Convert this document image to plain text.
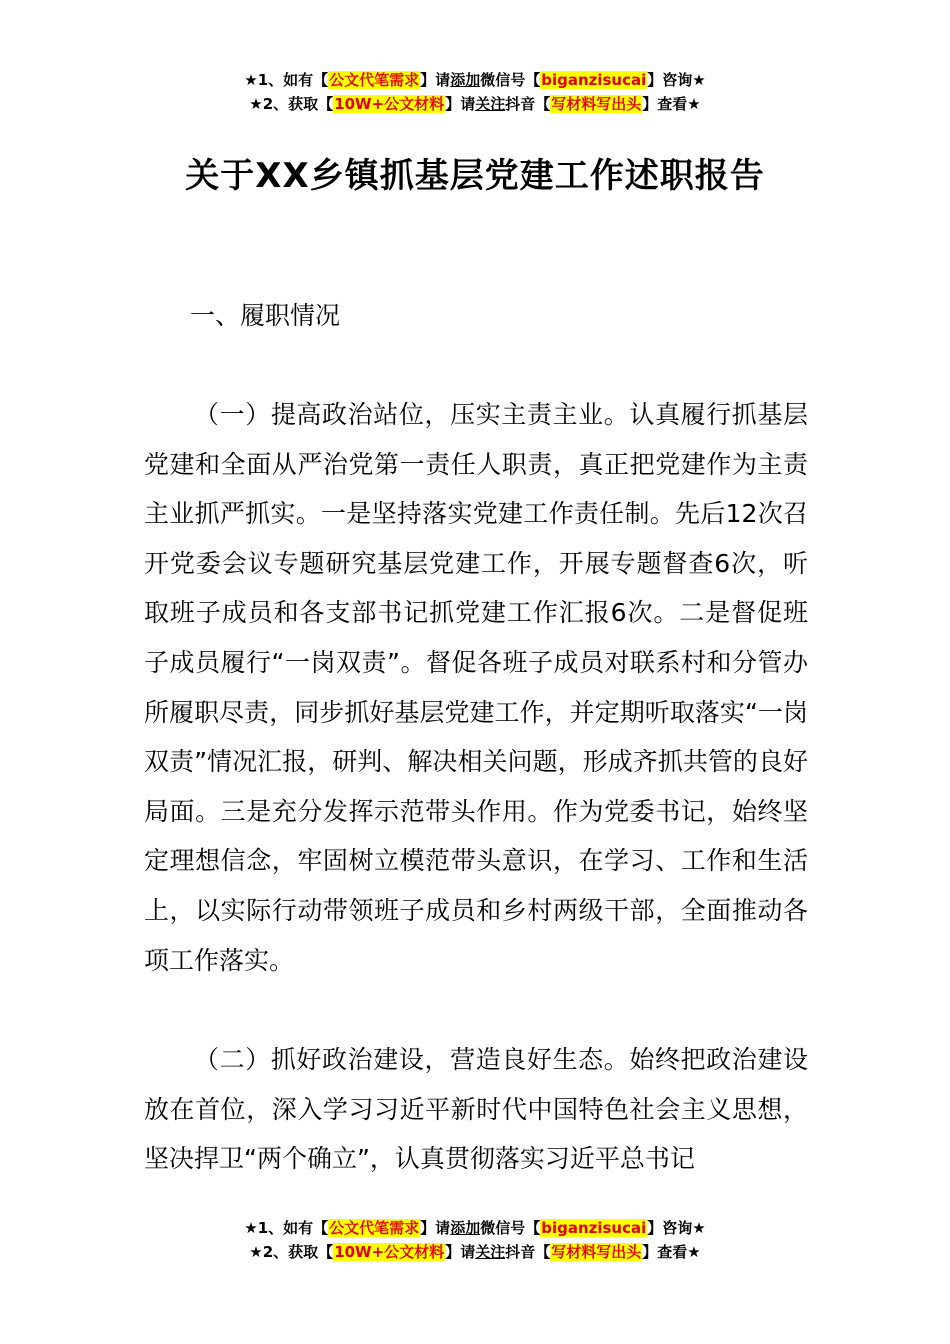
★1、如有【公文代笔需求】请添加微信号【biganzisucai】咨询★
★2、获取【10W+公文材料】请关注抖音【写材料写出头】查看★
关于XX乡镇抓基层党建工作述职报告
一、履职情况
（一）提高政治站位，压实主责主业。认真履行抓基层党建和全面从严治党第一责任人职责，真正把党建作为主责主业抓严抓实。一是坚持落实党建工作责任制。先后12次召开党委会议专题研究基层党建工作，开展专题督查6次，听取班子成员和各支部书记抓党建工作汇报6次。二是督促班子成员履行“一岗双责”。督促各班子成员对联系村和分管办所履职尽责，同步抓好基层党建工作，并定期听取落实“一岗双责”情况汇报，研判、解决相关问题，形成齐抓共管的良好局面。三是充分发挥示范带头作用。作为党委书记，始终坚定理想信念，牢固树立模范带头意识，在学习、工作和生活上，以实际行动带领班子成员和乡村两级干部，全面推动各项工作落实。
（二）抓好政治建设，营造良好生态。始终把政治建设放在首位，深入学习习近平新时代中国特色社会主义思想，坚决捍卫“两个确立”，认真贯彻落实习近平总书记
★1、如有【公文代笔需求】请添加微信号【biganzisucai】咨询★
★2、获取【10W+公文材料】请关注抖音【写材料写出头】查看★
